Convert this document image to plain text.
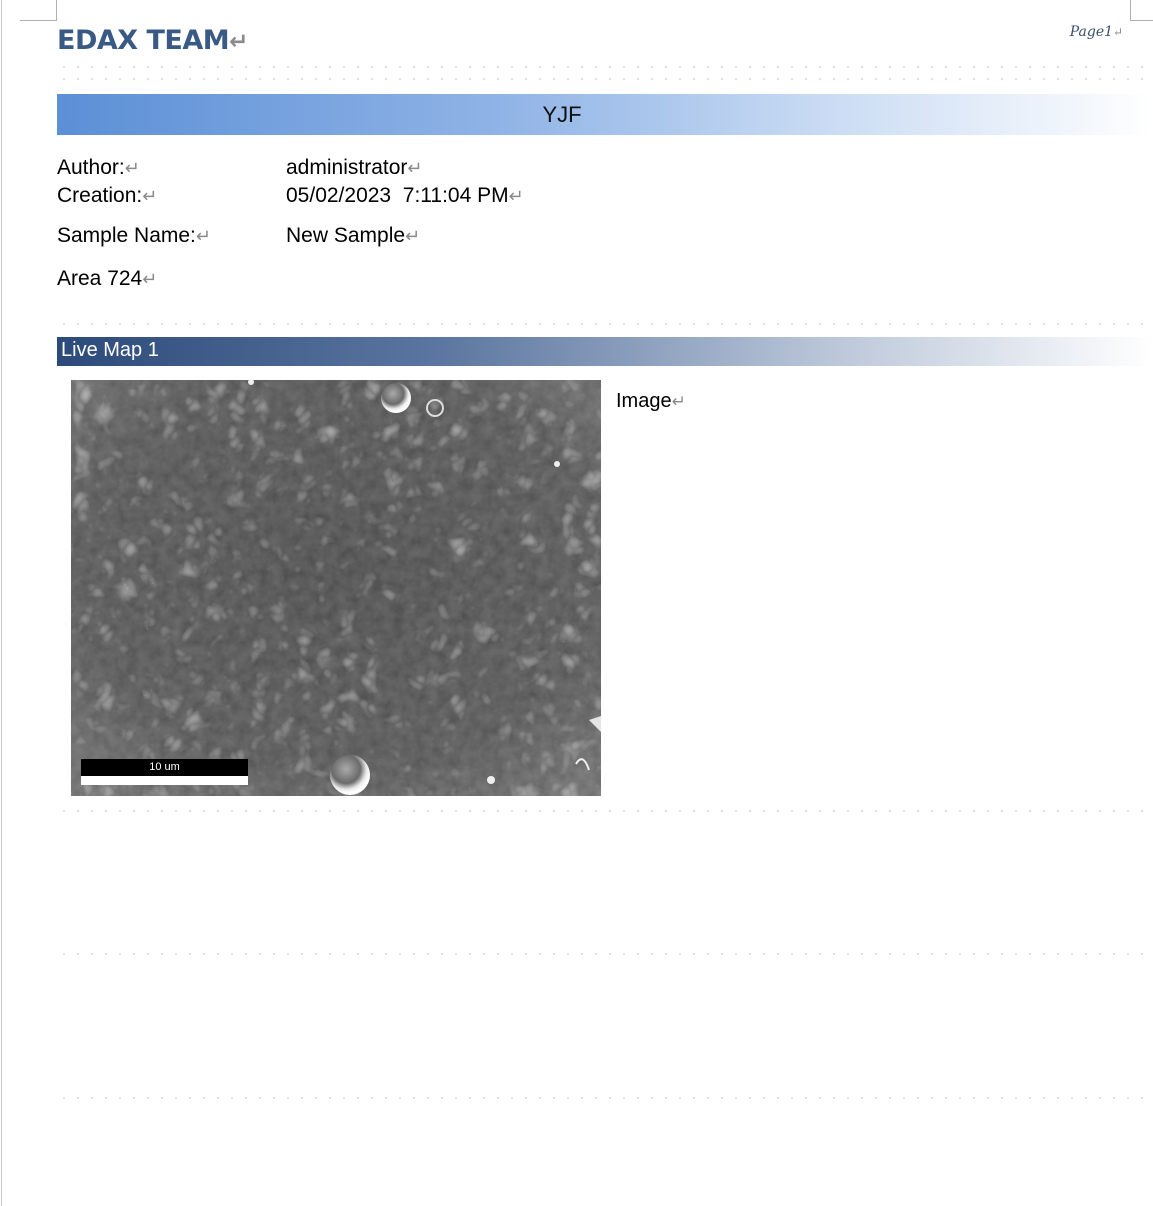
EDAX TEAM↵	Page1↵
YJF
Author:↵	administrator↵
Creation:↵	05/02/2023  7:11:04 PM↵
Sample Name:↵	New Sample↵
Area 724↵
Live Map 1
10 um
Image↵
